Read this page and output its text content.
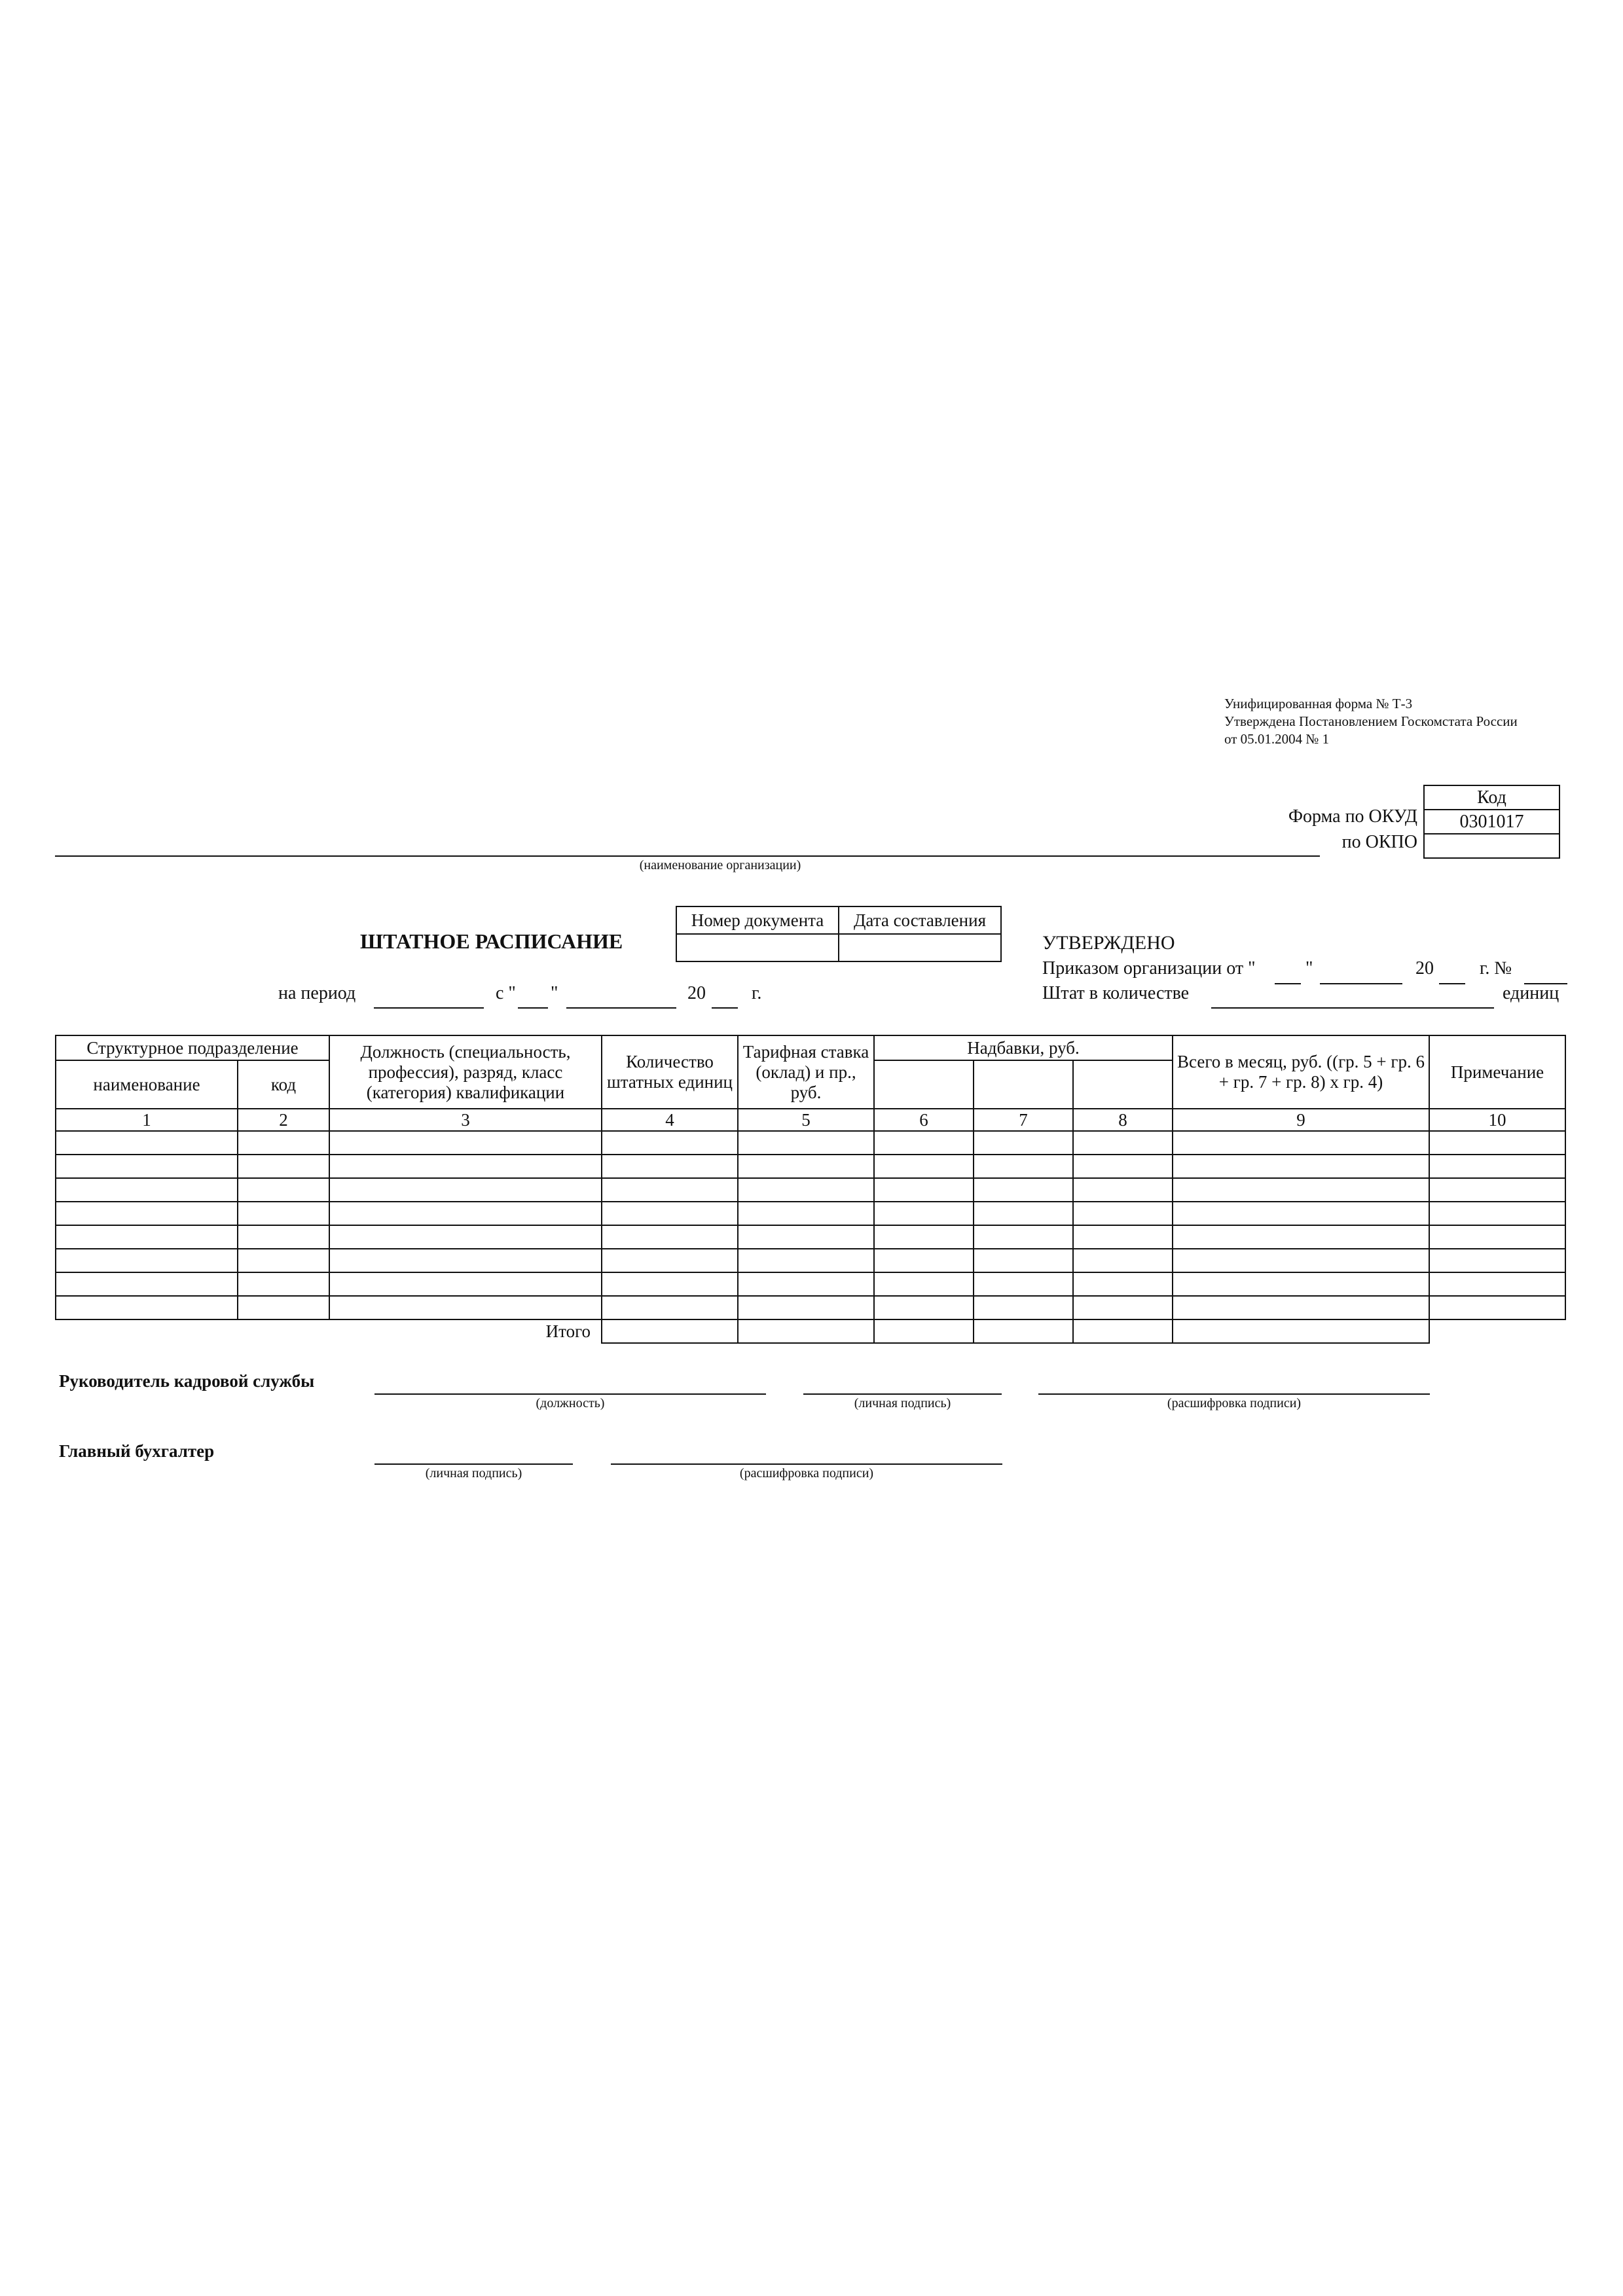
Унифицированная форма № Т-3
Утверждена Постановлением Госкомстата России
от 05.01.2004 № 1
Код
0301017

Форма по ОКУД
по ОКПО
(наименование организации)
ШТАТНОЕ РАСПИСАНИЕ
Номер документа	Дата составления

на период	с " "	20	г.
УТВЕРЖДЕНО
Приказом организации от "	"	20	г. №
Штат в количестве	единиц
Структурное подразделение		Должность (специальность, профессия), разряд, класс (категория) квалификации	Количество штатных единиц	Тарифная ставка (оклад) и пр., руб.	Надбавки, руб.			Всего в месяц, руб. ((гр. 5 + гр. 6 + гр. 7 + гр. 8) х гр. 4)	Примечание
наименование	код								
1	2	3	4	5	6	7	8	9	10

Итого									
Руководитель кадровой службы
(должность)	(личная подпись)	(расшифровка подписи)
Главный бухгалтер
(личная подпись)	(расшифровка подписи)
